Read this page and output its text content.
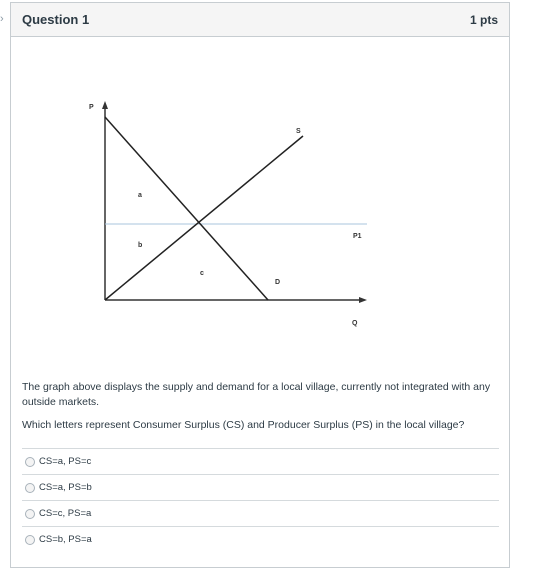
›	Question 1	1 pts
P
Q
S
D
P1
a
b
c
The graph above displays the supply and demand for a local village, currently not integrated with any outside markets.
Which letters represent Consumer Surplus (CS) and Producer Surplus (PS) in the local village?
CS=a, PS=c
CS=a, PS=b
CS=c, PS=a
CS=b, PS=a
